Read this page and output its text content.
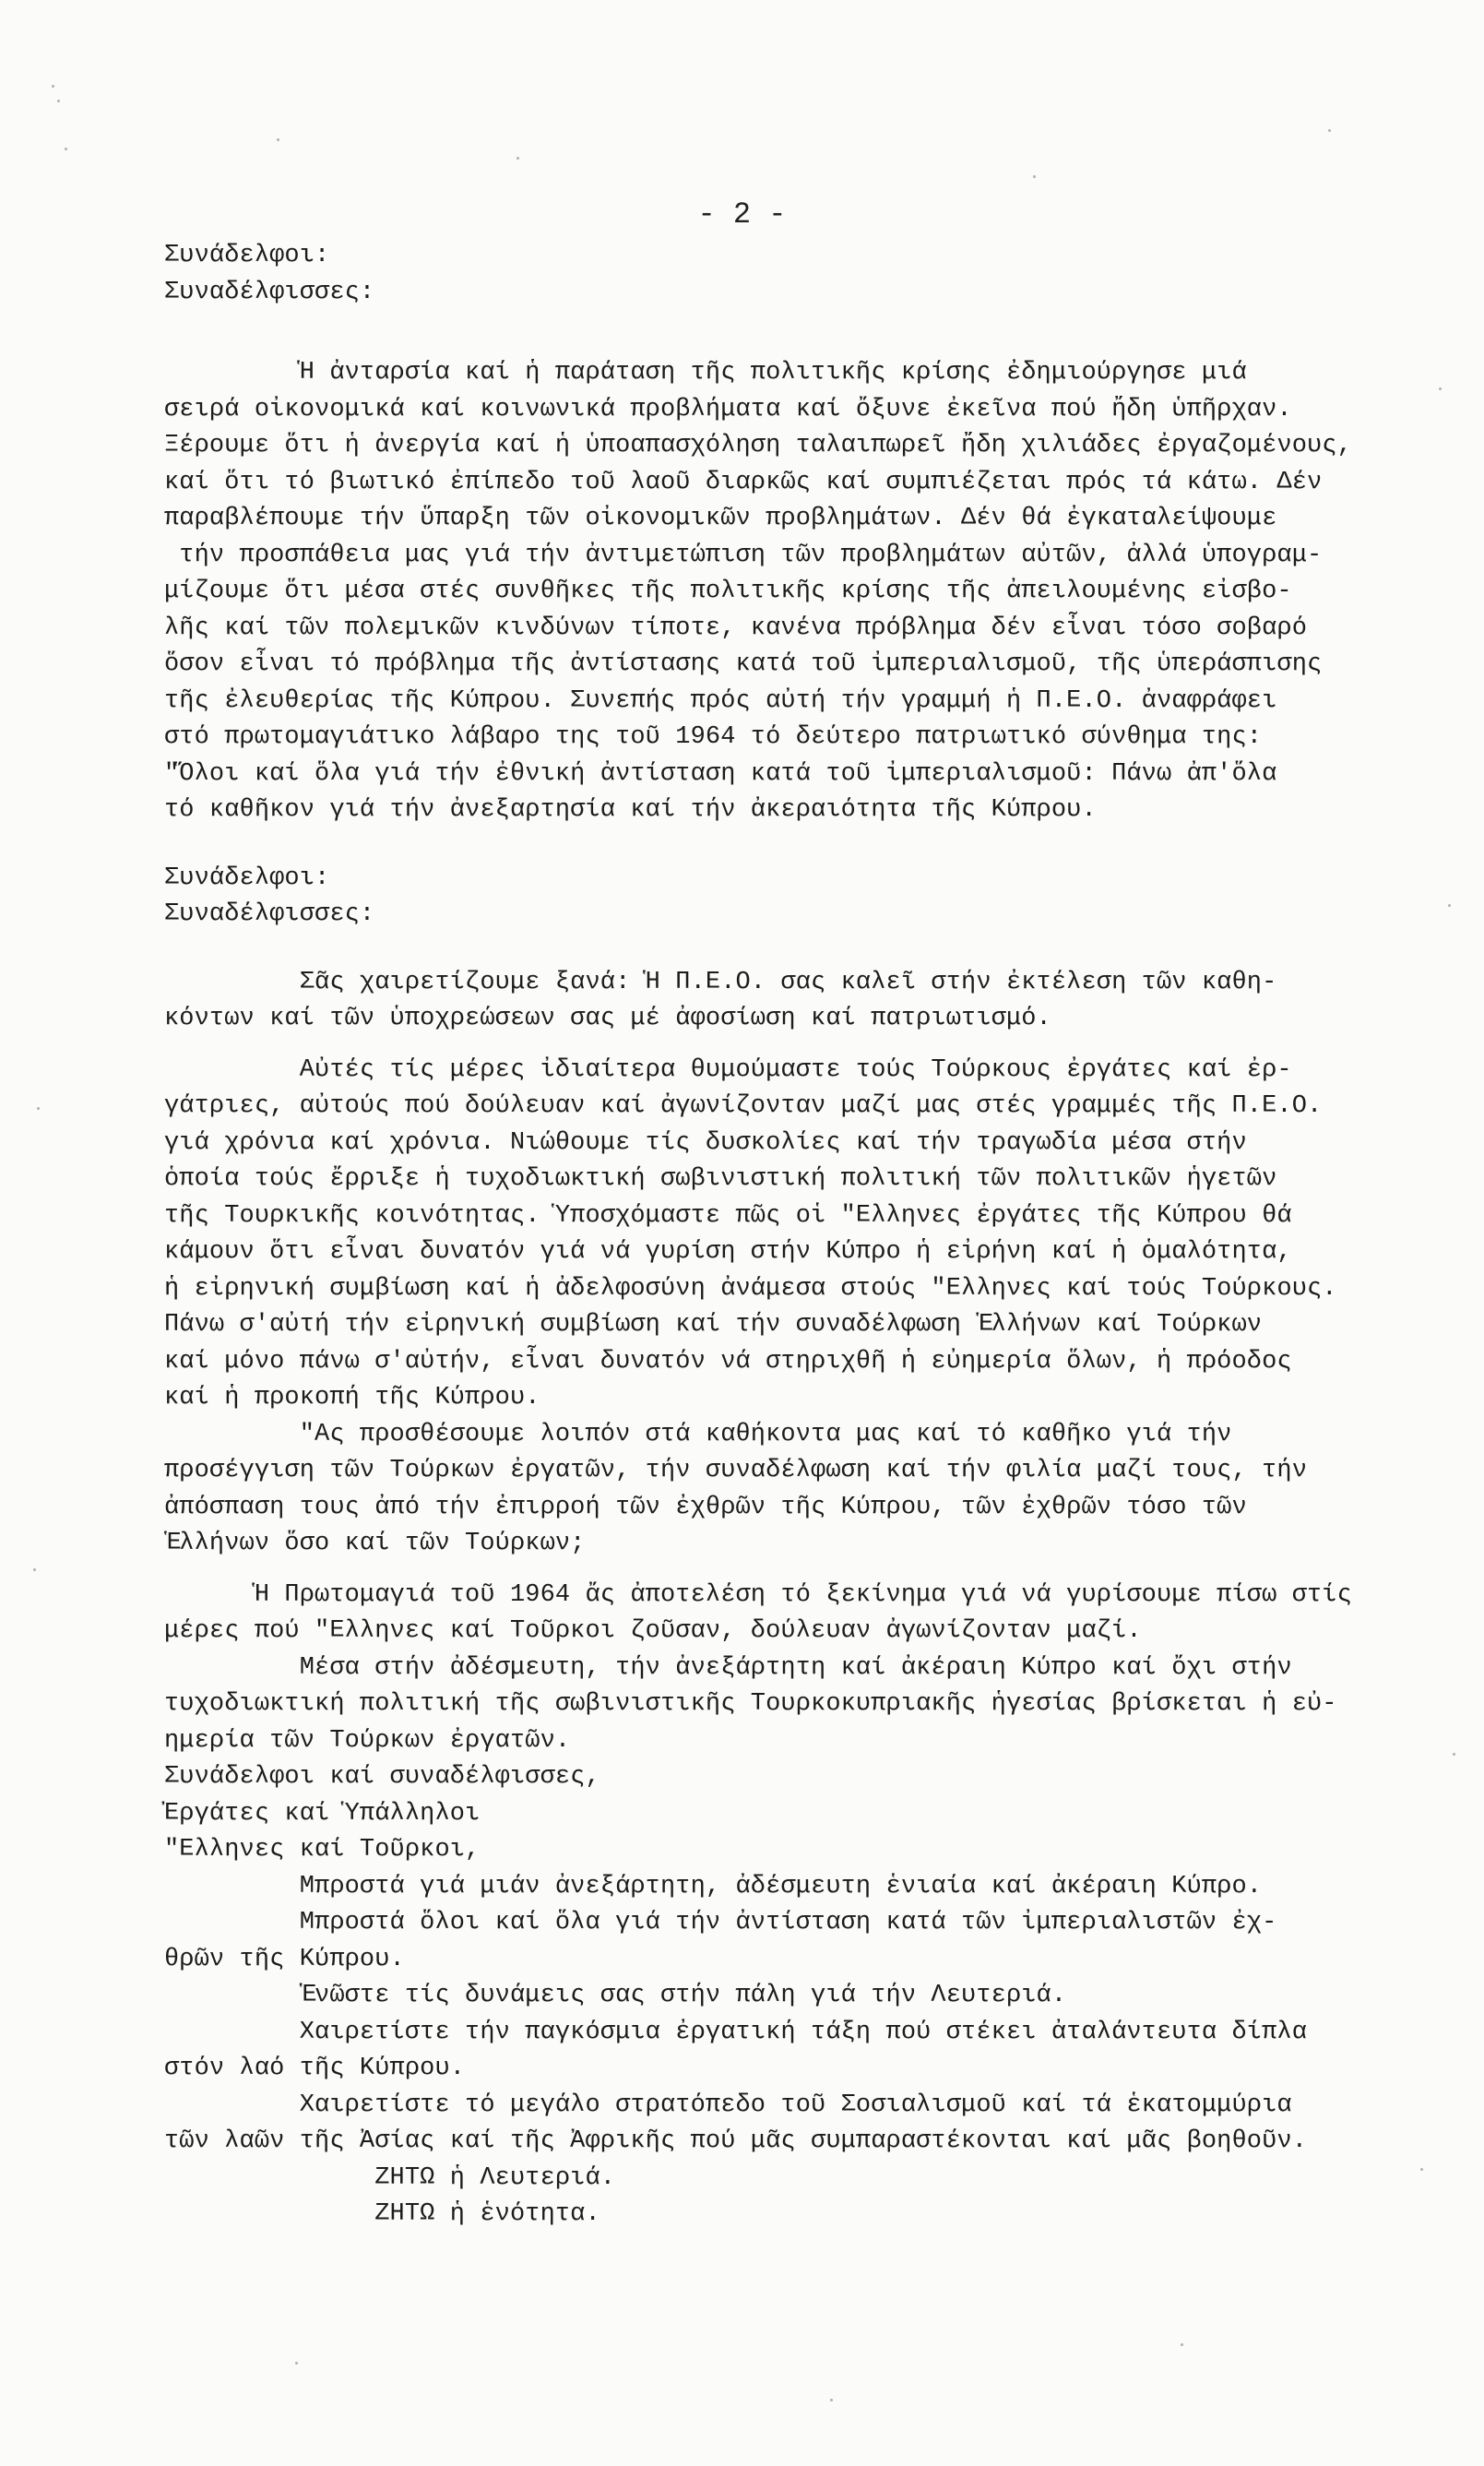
- 2 -
Συνάδελφοι:
Συναδέλφισσες:
Ἡ ἀνταρσία καί ἡ παράταση τῆς πολιτικῆς κρίσης ἐδημιούργησε μιά
σειρά οἰκονομικά καί κοινωνικά προβλήματα καί ὄξυνε ἐκεῖνα πού ἤδη ὑπῆρχαν.
Ξέρουμε ὅτι ἡ ἀνεργία καί ἡ ὑποαπασχόληση ταλαιπωρεῖ ἤδη χιλιάδες ἐργαζομένους,
καί ὅτι τό βιωτικό ἐπίπεδο τοῦ λαοῦ διαρκῶς καί συμπιέζεται πρός τά κάτω. Δέν
παραβλέπουμε τήν ὕπαρξη τῶν οἰκονομικῶν προβλημάτων. Δέν θά ἐγκαταλείψουμε
τήν προσπάθεια μας γιά τήν ἀντιμετώπιση τῶν προβλημάτων αὐτῶν, ἀλλά ὑπογραμ-
μίζουμε ὅτι μέσα στές συνθῆκες τῆς πολιτικῆς κρίσης τῆς ἀπειλουμένης εἰσβο-
λῆς καί τῶν πολεμικῶν κινδύνων τίποτε, κανένα πρόβλημα δέν εἶναι τόσο σοβαρό
ὅσον εἶναι τό πρόβλημα τῆς ἀντίστασης κατά τοῦ ἰμπεριαλισμοῦ, τῆς ὑπεράσπισης
τῆς ἐλευθερίας τῆς Κύπρου. Συνεπής πρός αὐτή τήν γραμμή ἡ Π.Ε.Ο. ἀναφράφει
στό πρωτομαγιάτικο λάβαρο της τοῦ 1964 τό δεύτερο πατριωτικό σύνθημα της:
"Ὅλοι καί ὅλα γιά τήν ἐθνική ἀντίσταση κατά τοῦ ἰμπεριαλισμοῦ: Πάνω ἀπ'ὅλα
τό καθῆκον γιά τήν ἀνεξαρτησία καί τήν ἀκεραιότητα τῆς Κύπρου.
Συνάδελφοι:
Συναδέλφισσες:
Σᾶς χαιρετίζουμε ξανά: Ἡ Π.Ε.Ο. σας καλεῖ στήν ἐκτέλεση τῶν καθη-
κόντων καί τῶν ὑποχρεώσεων σας μέ ἀφοσίωση καί πατριωτισμό.
Αὐτές τίς μέρες ἰδιαίτερα θυμούμαστε τούς Τούρκους ἐργάτες καί ἐρ-
γάτριες, αὐτούς πού δούλευαν καί ἀγωνίζονταν μαζί μας στές γραμμές τῆς Π.Ε.Ο.
γιά χρόνια καί χρόνια. Νιώθουμε τίς δυσκολίες καί τήν τραγωδία μέσα στήν
ὁποία τούς ἔρριξε ἡ τυχοδιωκτική σωβινιστική πολιτική τῶν πολιτικῶν ἡγετῶν
τῆς Τουρκικῆς κοινότητας. Ὑποσχόμαστε πῶς οἱ "Ελληνες ἐργάτες τῆς Κύπρου θά
κάμουν ὅτι εἶναι δυνατόν γιά νά γυρίση στήν Κύπρο ἡ εἰρήνη καί ἡ ὁμαλότητα,
ἡ εἰρηνική συμβίωση καί ἡ ἀδελφοσύνη ἀνάμεσα στούς "Ελληνες καί τούς Τούρκους.
Πάνω σ'αὐτή τήν εἰρηνική συμβίωση καί τήν συναδέλφωση Ἑλλήνων καί Τούρκων
καί μόνο πάνω σ'αὐτήν, εἶναι δυνατόν νά στηριχθῆ ἡ εὐημερία ὅλων, ἡ πρόοδος
καί ἡ προκοπή τῆς Κύπρου.
"Ας προσθέσουμε λοιπόν στά καθήκοντα μας καί τό καθῆκο γιά τήν
προσέγγιση τῶν Τούρκων ἐργατῶν, τήν συναδέλφωση καί τήν φιλία μαζί τους, τήν
ἀπόσπαση τους ἀπό τήν ἐπιρροή τῶν ἐχθρῶν τῆς Κύπρου, τῶν ἐχθρῶν τόσο τῶν
Ἑλλήνων ὅσο καί τῶν Τούρκων;
Ἡ Πρωτομαγιά τοῦ 1964 ἄς ἀποτελέση τό ξεκίνημα γιά νά γυρίσουμε πίσω στίς
μέρες πού "Ελληνες καί Τοῦρκοι ζοῦσαν, δούλευαν ἀγωνίζονταν μαζί.
Μέσα στήν ἀδέσμευτη, τήν ἀνεξάρτητη καί ἀκέραιη Κύπρο καί ὄχι στήν
τυχοδιωκτική πολιτική τῆς σωβινιστικῆς Τουρκοκυπριακῆς ἡγεσίας βρίσκεται ἡ εὐ-
ημερία τῶν Τούρκων ἐργατῶν.
Συνάδελφοι καί συναδέλφισσες,
Ἐργάτες καί Ὑπάλληλοι
"Ελληνες καί Τοῦρκοι,
Μπροστά γιά μιάν ἀνεξάρτητη, ἀδέσμευτη ἑνιαία καί ἀκέραιη Κύπρο.
Μπροστά ὅλοι καί ὅλα γιά τήν ἀντίσταση κατά τῶν ἰμπεριαλιστῶν ἐχ-
θρῶν τῆς Κύπρου.
Ἑνῶστε τίς δυνάμεις σας στήν πάλη γιά τήν Λευτεριά.
Χαιρετίστε τήν παγκόσμια ἐργατική τάξη πού στέκει ἀταλάντευτα δίπλα
στόν λαό τῆς Κύπρου.
Χαιρετίστε τό μεγάλο στρατόπεδο τοῦ Σοσιαλισμοῦ καί τά ἑκατομμύρια
τῶν λαῶν τῆς Ἀσίας καί τῆς Ἀφρικῆς πού μᾶς συμπαραστέκονται καί μᾶς βοηθοῦν.
ΖΗΤΩ ἡ Λευτεριά.
ΖΗΤΩ ἡ ἑνότητα.
